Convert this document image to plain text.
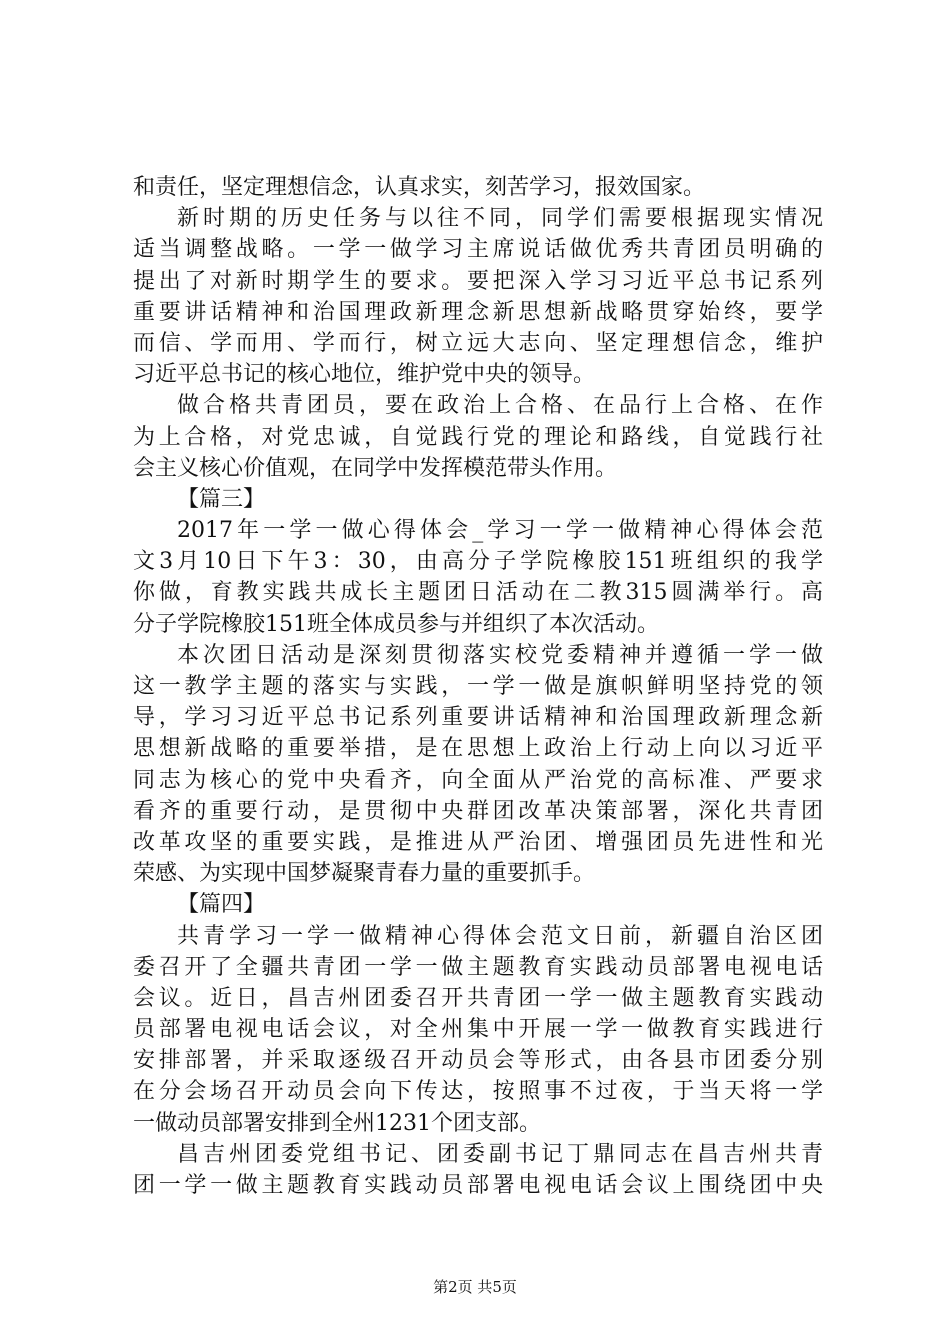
和责任，坚定理想信念，认真求实，刻苦学习，报效国家。
新时期的历史任务与以往不同，同学们需要根据现实情况
适当调整战略。一学一做学习主席说话做优秀共青团员明确的
提出了对新时期学生的要求。要把深入学习习近平总书记系列
重要讲话精神和治国理政新理念新思想新战略贯穿始终，要学
而信、学而用、学而行，树立远大志向、坚定理想信念，维护
习近平总书记的核心地位，维护党中央的领导。
做合格共青团员，要在政治上合格、在品行上合格、在作
为上合格，对党忠诚，自觉践行党的理论和路线，自觉践行社
会主义核心价值观，在同学中发挥模范带头作用。
【篇三】
2017年一学一做心得体会_学习一学一做精神心得体会范
文3月10日下午3：30，由高分子学院橡胶151班组织的我学
你做，育教实践共成长主题团日活动在二教315圆满举行。高
分子学院橡胶151班全体成员参与并组织了本次活动。
本次团日活动是深刻贯彻落实校党委精神并遵循一学一做
这一教学主题的落实与实践，一学一做是旗帜鲜明坚持党的领
导，学习习近平总书记系列重要讲话精神和治国理政新理念新
思想新战略的重要举措，是在思想上政治上行动上向以习近平
同志为核心的党中央看齐，向全面从严治党的高标准、严要求
看齐的重要行动，是贯彻中央群团改革决策部署，深化共青团
改革攻坚的重要实践，是推进从严治团、增强团员先进性和光
荣感、为实现中国梦凝聚青春力量的重要抓手。
【篇四】
共青学习一学一做精神心得体会范文日前，新疆自治区团
委召开了全疆共青团一学一做主题教育实践动员部署电视电话
会议。近日，昌吉州团委召开共青团一学一做主题教育实践动
员部署电视电话会议，对全州集中开展一学一做教育实践进行
安排部署，并采取逐级召开动员会等形式，由各县市团委分别
在分会场召开动员会向下传达，按照事不过夜，于当天将一学
一做动员部署安排到全州1231个团支部。
昌吉州团委党组书记、团委副书记丁鼎同志在昌吉州共青
团一学一做主题教育实践动员部署电视电话会议上围绕团中央
第2页 共5页
